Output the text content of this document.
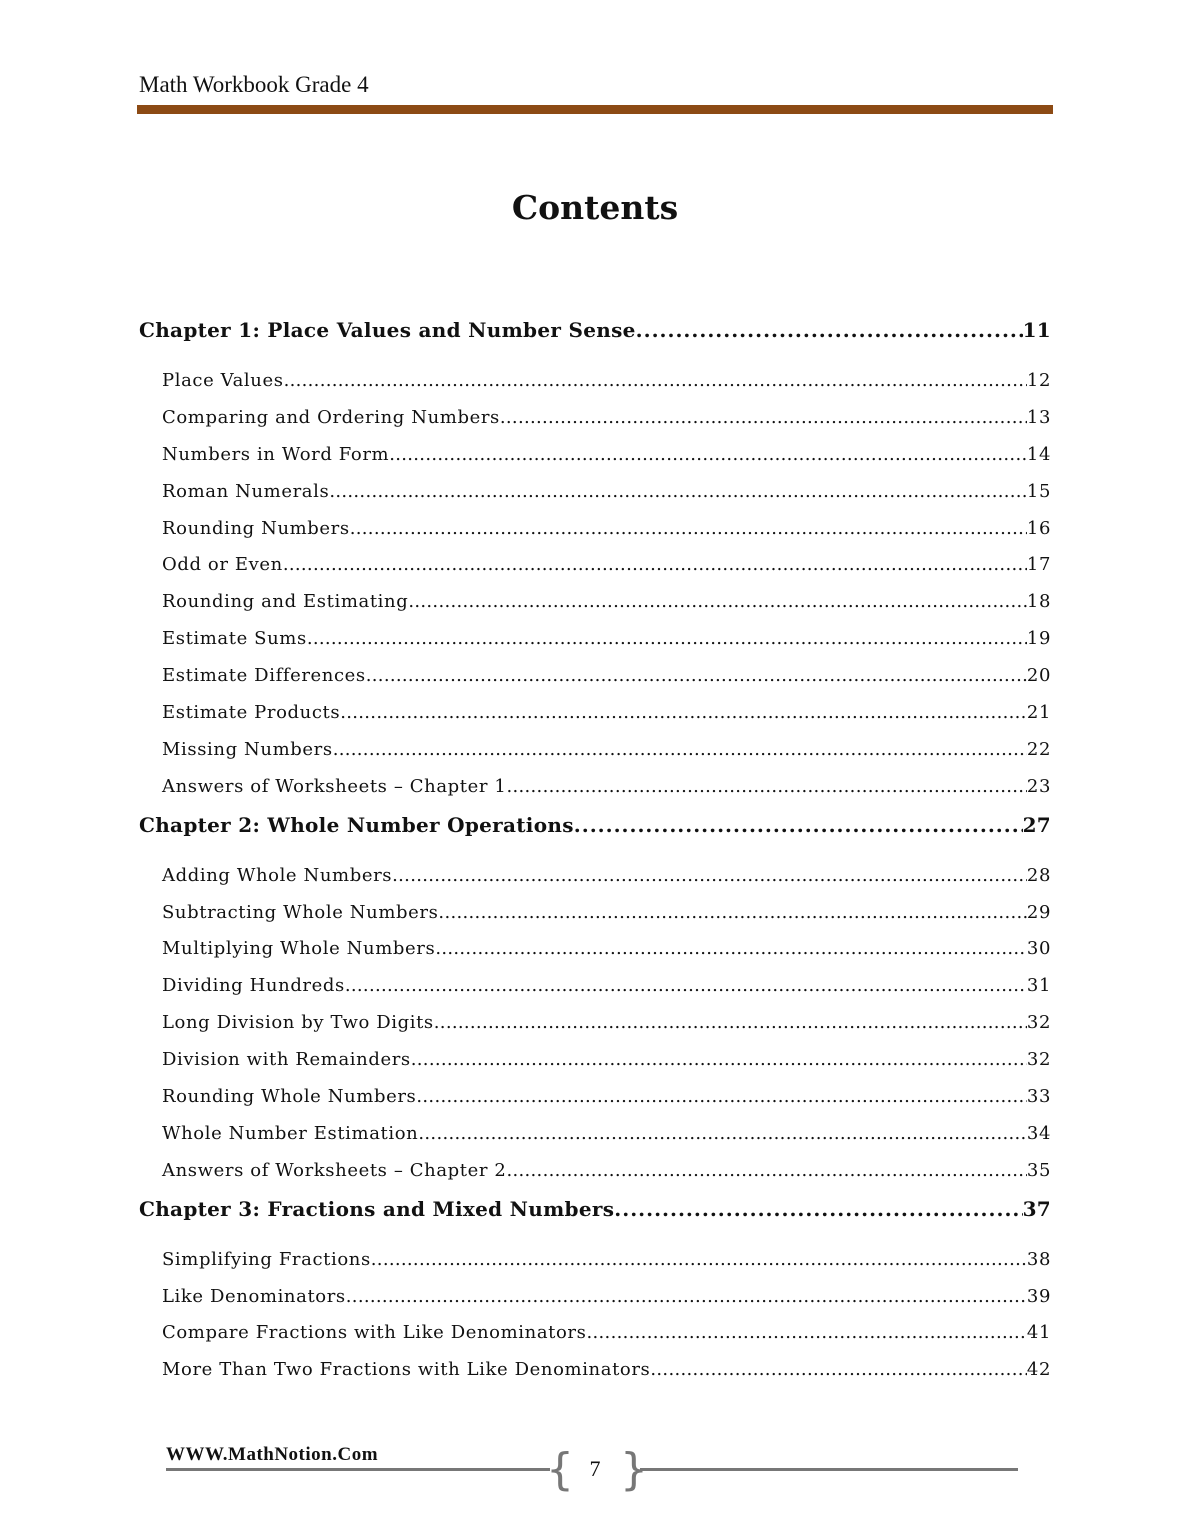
Math Workbook Grade 4
Contents
Chapter 1: Place Values and Number Sense .....	11
Place Values .....	12
Comparing and Ordering Numbers .....	13
Numbers in Word Form .....	14
Roman Numerals .....	15
Rounding Numbers .....	16
Odd or Even .....	17
Rounding and Estimating .....	18
Estimate Sums .....	19
Estimate Differences .....	20
Estimate Products .....	21
Missing Numbers .....	22
Answers of Worksheets – Chapter 1 .....	23
Chapter 2: Whole Number Operations .....	27
Adding Whole Numbers .....	28
Subtracting Whole Numbers .....	29
Multiplying Whole Numbers .....	30
Dividing Hundreds .....	31
Long Division by Two Digits .....	32
Division with Remainders .....	32
Rounding Whole Numbers .....	33
Whole Number Estimation .....	34
Answers of Worksheets – Chapter 2 .....	35
Chapter 3: Fractions and Mixed Numbers .....	37
Simplifying Fractions .....	38
Like Denominators .....	39
Compare Fractions with Like Denominators .....	41
More Than Two Fractions with Like Denominators .....	42
WWW.MathNotion.Com	{ }
7
